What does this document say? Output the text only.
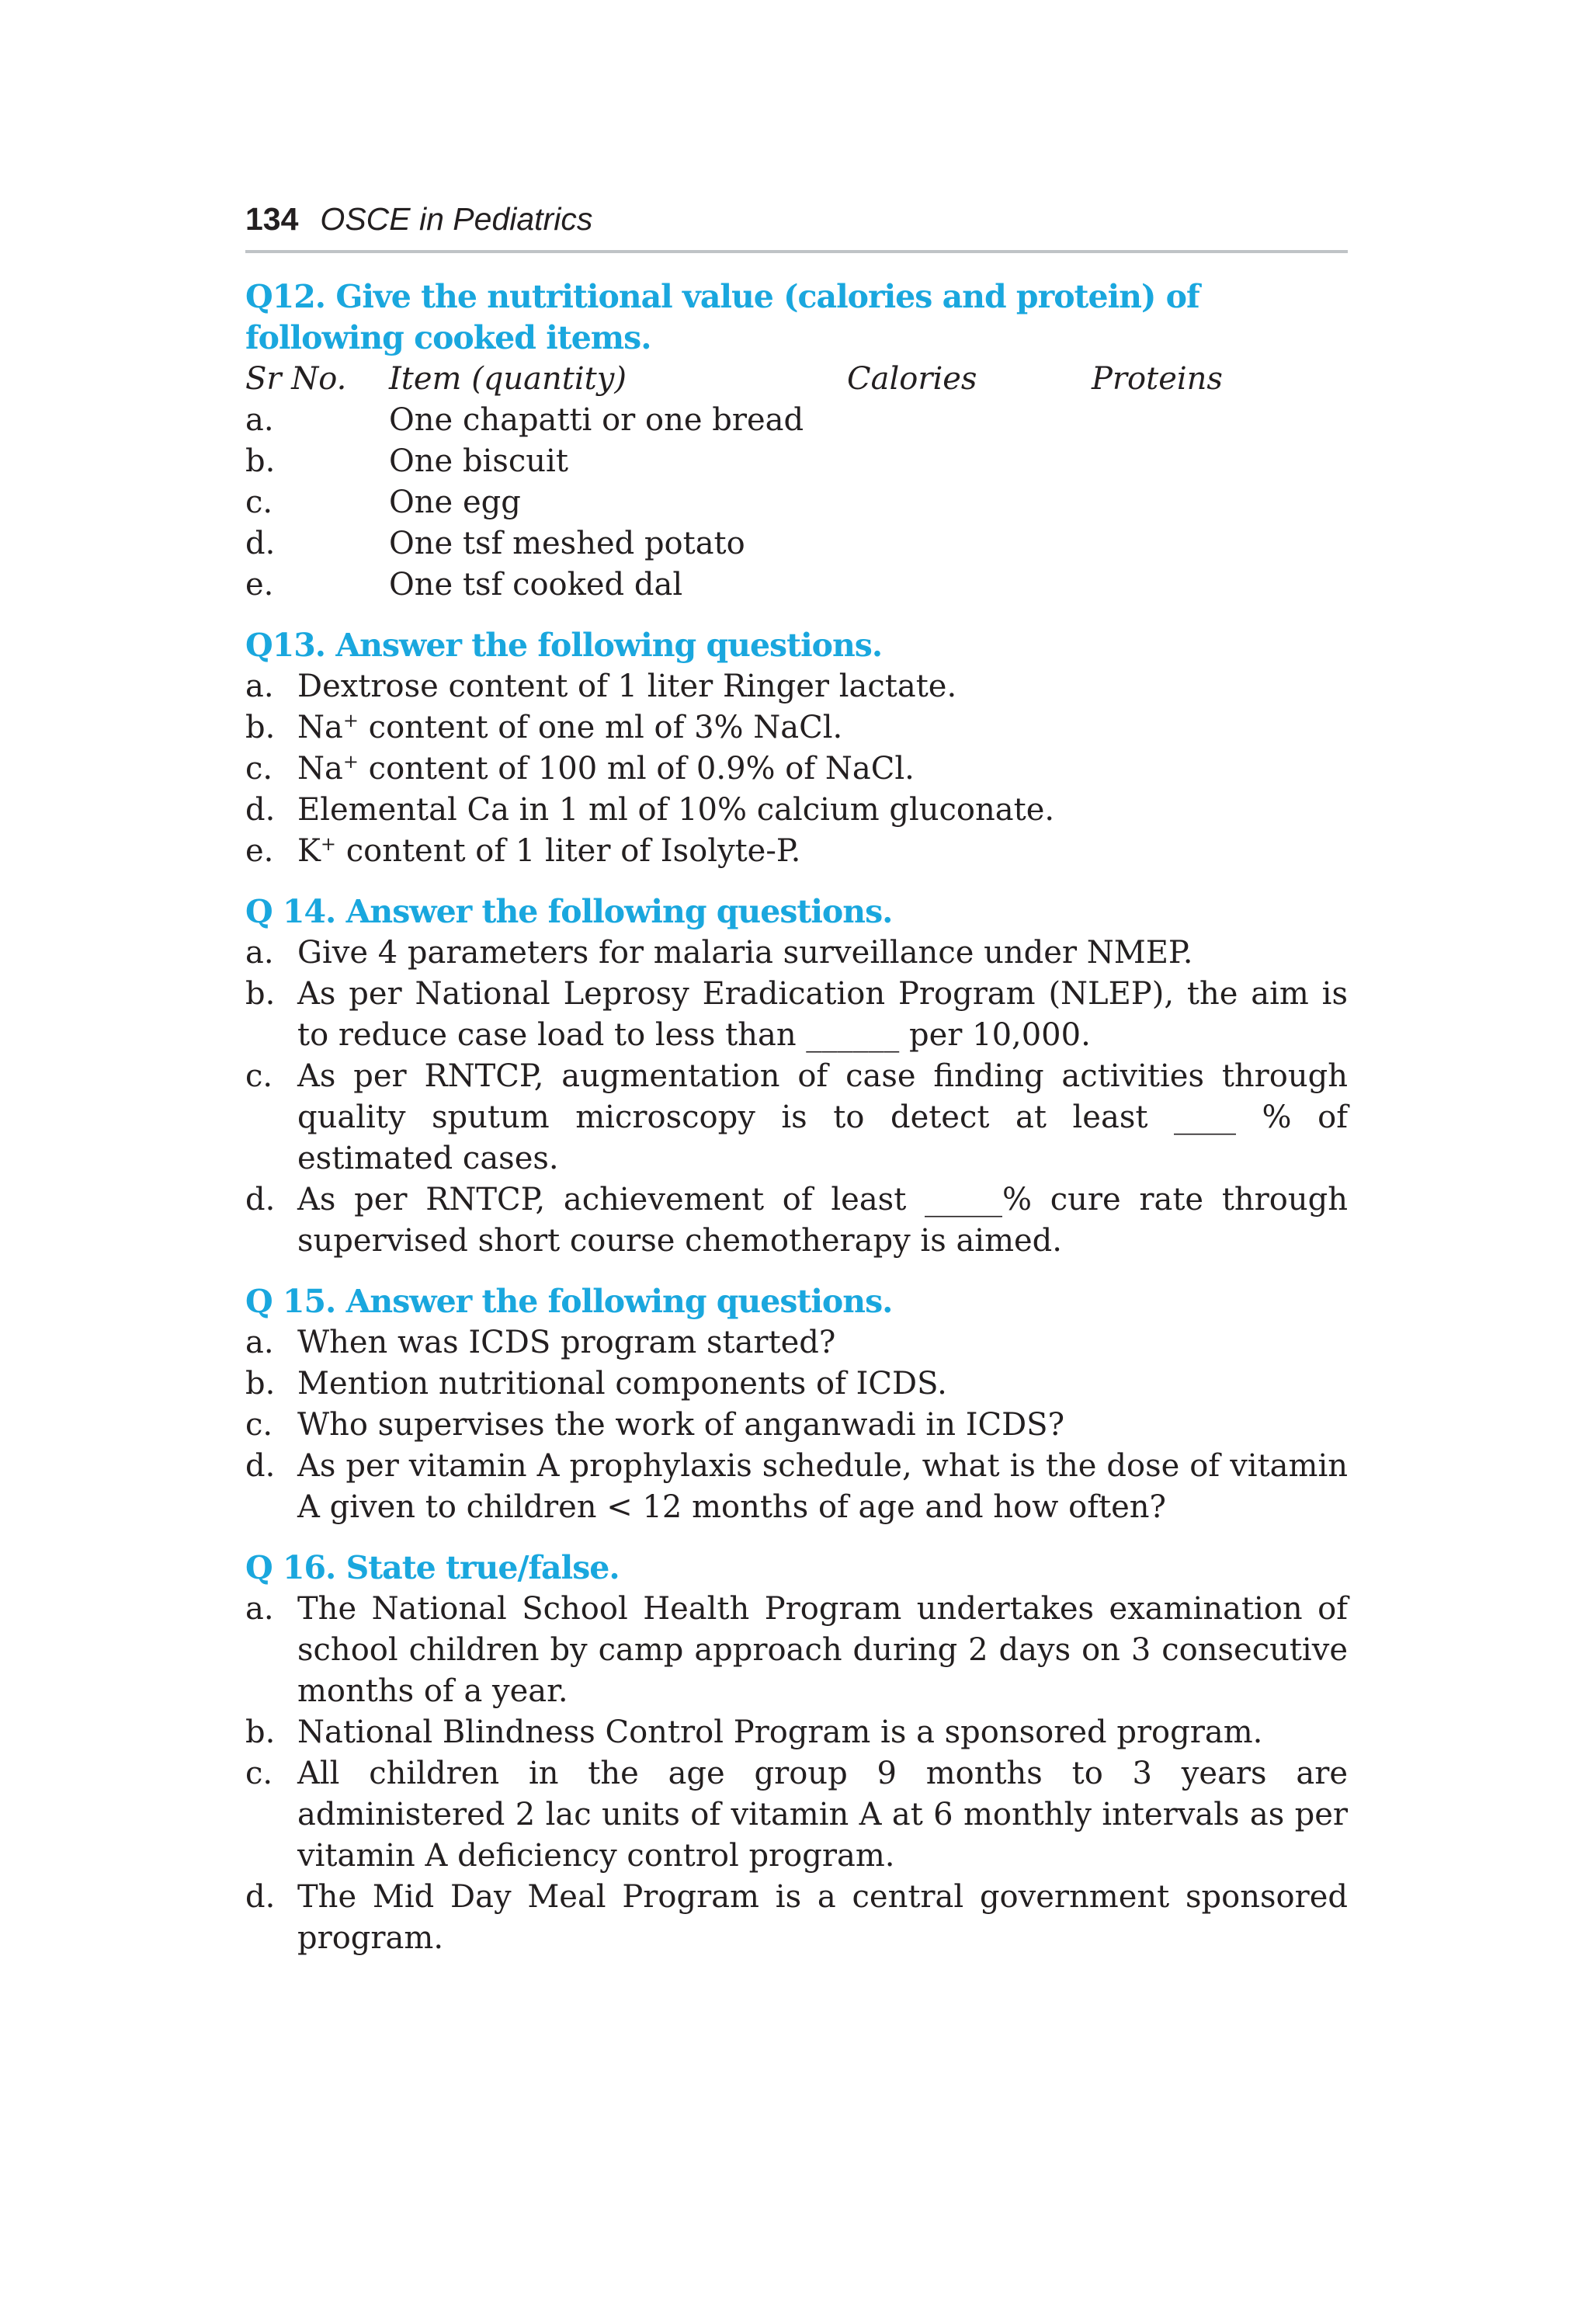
134 OSCE in Pediatrics

Q12. Give the nutritional value (calories and protein) of following cooked items.

Sr No.	Item (quantity)	Calories	Proteins
a.	One chapatti or one bread
b.	One biscuit
c.	One egg
d.	One tsf meshed potato
e.	One tsf cooked dal

Q13. Answer the following questions.

a. Dextrose content of 1 liter Ringer lactate.
b. Na+ content of one ml of 3% NaCl.
c. Na+ content of 100 ml of 0.9% of NaCl.
d. Elemental Ca in 1 ml of 10% calcium gluconate.
e. K+ content of 1 liter of Isolyte-P.

Q 14. Answer the following questions.

a. Give 4 parameters for malaria surveillance under NMEP.
b. As per National Leprosy Eradication Program (NLEP), the aim is to reduce case load to less than ______ per 10,000.
c. As per RNTCP, augmentation of case finding activities through quality sputum microscopy is to detect at least ____ % of estimated cases.
d. As per RNTCP, achievement of least _____% cure rate through supervised short course chemotherapy is aimed.

Q 15. Answer the following questions.

a. When was ICDS program started?
b. Mention nutritional components of ICDS.
c. Who supervises the work of anganwadi in ICDS?
d. As per vitamin A prophylaxis schedule, what is the dose of vitamin A given to children < 12 months of age and how often?

Q 16. State true/false.

a. The National School Health Program undertakes examination of school children by camp approach during 2 days on 3 consecutive months of a year.
b. National Blindness Control Program is a sponsored program.
c. All children in the age group 9 months to 3 years are administered 2 lac units of vitamin A at 6 monthly intervals as per vitamin A deficiency control program.
d. The Mid Day Meal Program is a central government sponsored program.
